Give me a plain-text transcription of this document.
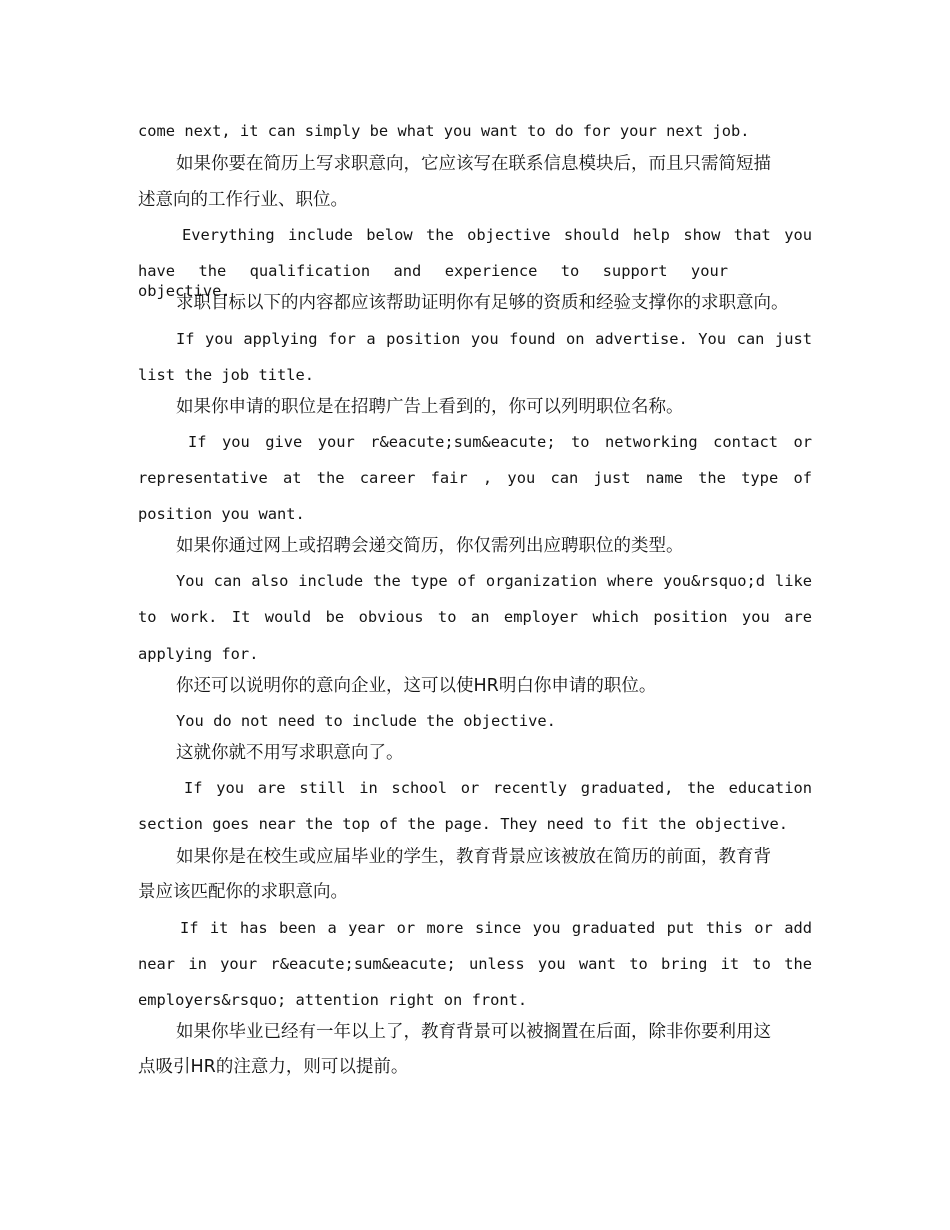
come next, it can simply be what you want to do for your next job.
如果你要在简历上写求职意向，它应该写在联系信息模块后，而且只需简短描
述意向的工作行业、职位。
Everything include below the objective should help show that you
have the qualification and experience to support your objective.
求职目标以下的内容都应该帮助证明你有足够的资质和经验支撑你的求职意向。
If you applying for a position you found on advertise. You can just
list the job title.
如果你申请的职位是在招聘广告上看到的，你可以列明职位名称。
If you give your r&eacute;sum&eacute; to networking contact or
representative at the career fair , you can just name the type of
position you want.
如果你通过网上或招聘会递交简历，你仅需列出应聘职位的类型。
You can also include the type of organization where you&rsquo;d like
to work. It would be obvious to an employer which position you are
applying for.
你还可以说明你的意向企业，这可以使HR明白你申请的职位。
You do not need to include the objective.
这就你就不用写求职意向了。
If you are still in school or recently graduated, the education
section goes near the top of the page. They need to fit the objective.
如果你是在校生或应届毕业的学生，教育背景应该被放在简历的前面，教育背
景应该匹配你的求职意向。
If it has been a year or more since you graduated put this or add
near in your r&eacute;sum&eacute; unless you want to bring it to the
employers&rsquo; attention right on front.
如果你毕业已经有一年以上了，教育背景可以被搁置在后面，除非你要利用这
点吸引HR的注意力，则可以提前。
